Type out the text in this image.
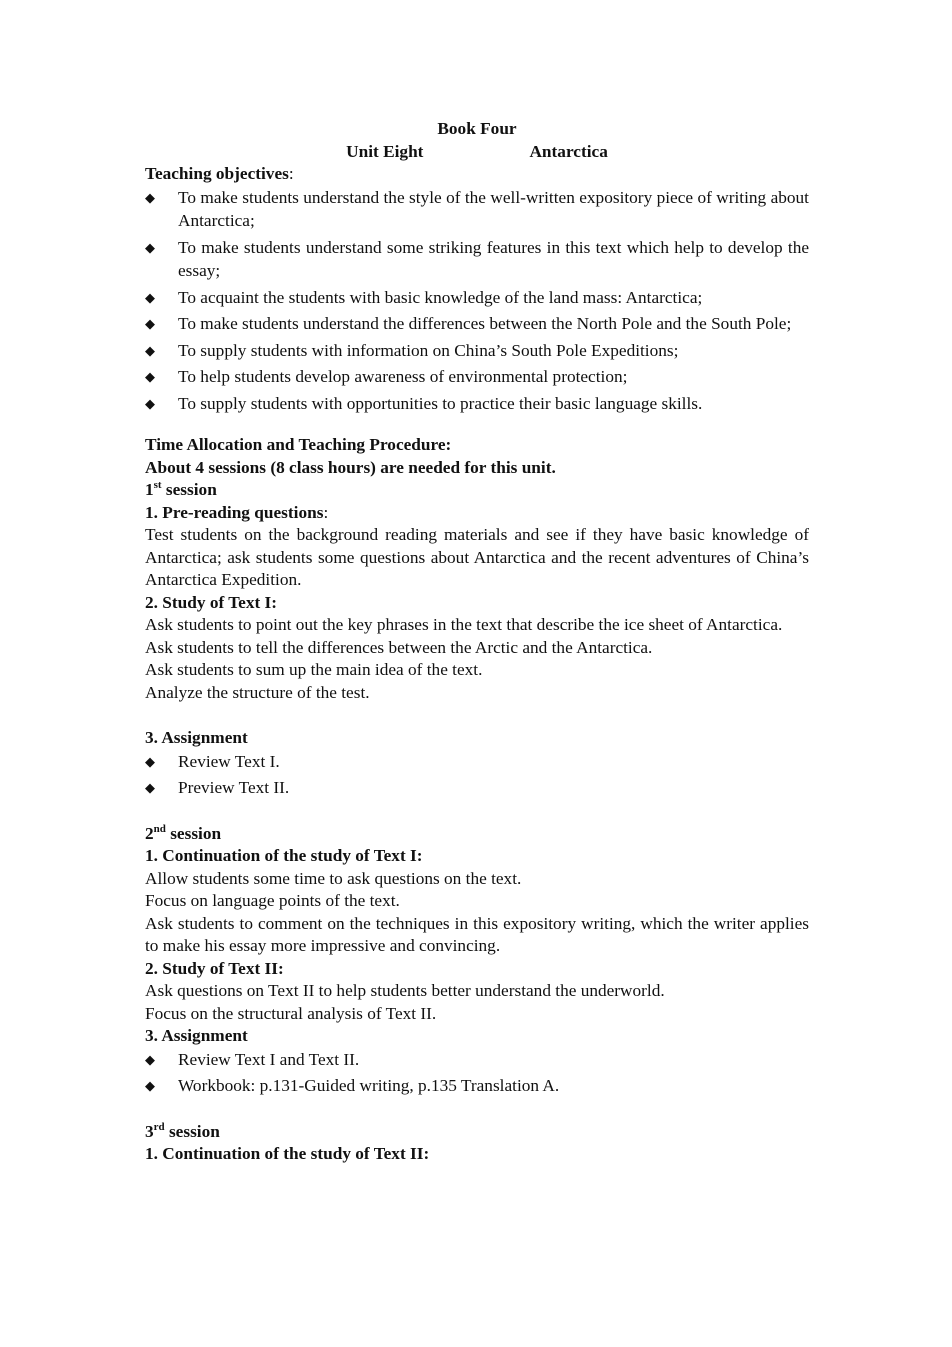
Book Four
Unit Eight	Antarctica
Teaching objectives:
◆ To make students understand the style of the well-written expository piece of writing about Antarctica;
◆ To make students understand some striking features in this text which help to develop the essay;
◆ To acquaint the students with basic knowledge of the land mass: Antarctica;
◆ To make students understand the differences between the North Pole and the South Pole;
◆ To supply students with information on China’s South Pole Expeditions;
◆ To help students develop awareness of environmental protection;
◆ To supply students with opportunities to practice their basic language skills.
Time Allocation and Teaching Procedure:
About 4 sessions (8 class hours) are needed for this unit.
1st session
1. Pre-reading questions:
Test students on the background reading materials and see if they have basic knowledge of Antarctica; ask students some questions about Antarctica and the recent adventures of China’s Antarctica Expedition.
2. Study of Text I:
Ask students to point out the key phrases in the text that describe the ice sheet of Antarctica.
Ask students to tell the differences between the Arctic and the Antarctica.
Ask students to sum up the main idea of the text.
Analyze the structure of the test.
3. Assignment
◆ Review Text I.
◆ Preview Text II.
2nd session
1. Continuation of the study of Text I:
Allow students some time to ask questions on the text.
Focus on language points of the text.
Ask students to comment on the techniques in this expository writing, which the writer applies to make his essay more impressive and convincing.
2. Study of Text II:
Ask questions on Text II to help students better understand the underworld.
Focus on the structural analysis of Text II.
3. Assignment
◆ Review Text I and Text II.
◆ Workbook: p.131-Guided writing, p.135 Translation A.
3rd session
1. Continuation of the study of Text II:
